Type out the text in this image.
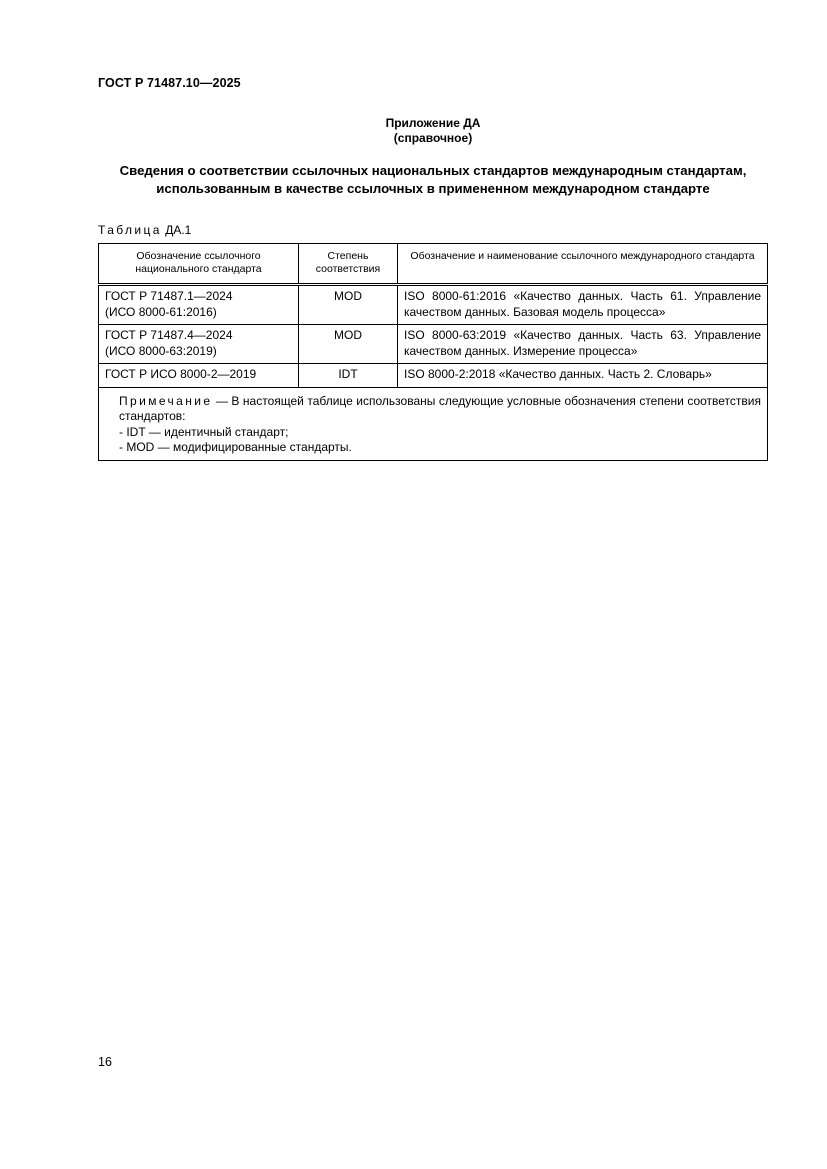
ГОСТ Р 71487.10—2025
Приложение ДА
(справочное)
Сведения о соответствии ссылочных национальных стандартов международным стандартам,
использованным в качестве ссылочных в примененном международном стандарте
Таблица ДА.1
Обозначение ссылочного национального стандарта	Степень соответствия	Обозначение и наименование ссылочного международного стандарта

ГОСТ Р 71487.1—2024
(ИСО 8000-61:2016)	MOD	ISO 8000-61:2016 «Качество данных. Часть 61. Управление качеством данных. Базовая модель процесса»

ГОСТ Р 71487.4—2024
(ИСО 8000-63:2019)	MOD	ISO 8000-63:2019 «Качество данных. Часть 63. Управление качеством данных. Измерение процесса»

ГОСТ Р ИСО 8000-2—2019	IDT	ISO 8000-2:2018 «Качество данных. Часть 2. Словарь»

Примечание — В настоящей таблице использованы следующие условные обозначения степени соответствия стандартов:
- IDT — идентичный стандарт;
- MOD — модифицированные стандарты.		
16
